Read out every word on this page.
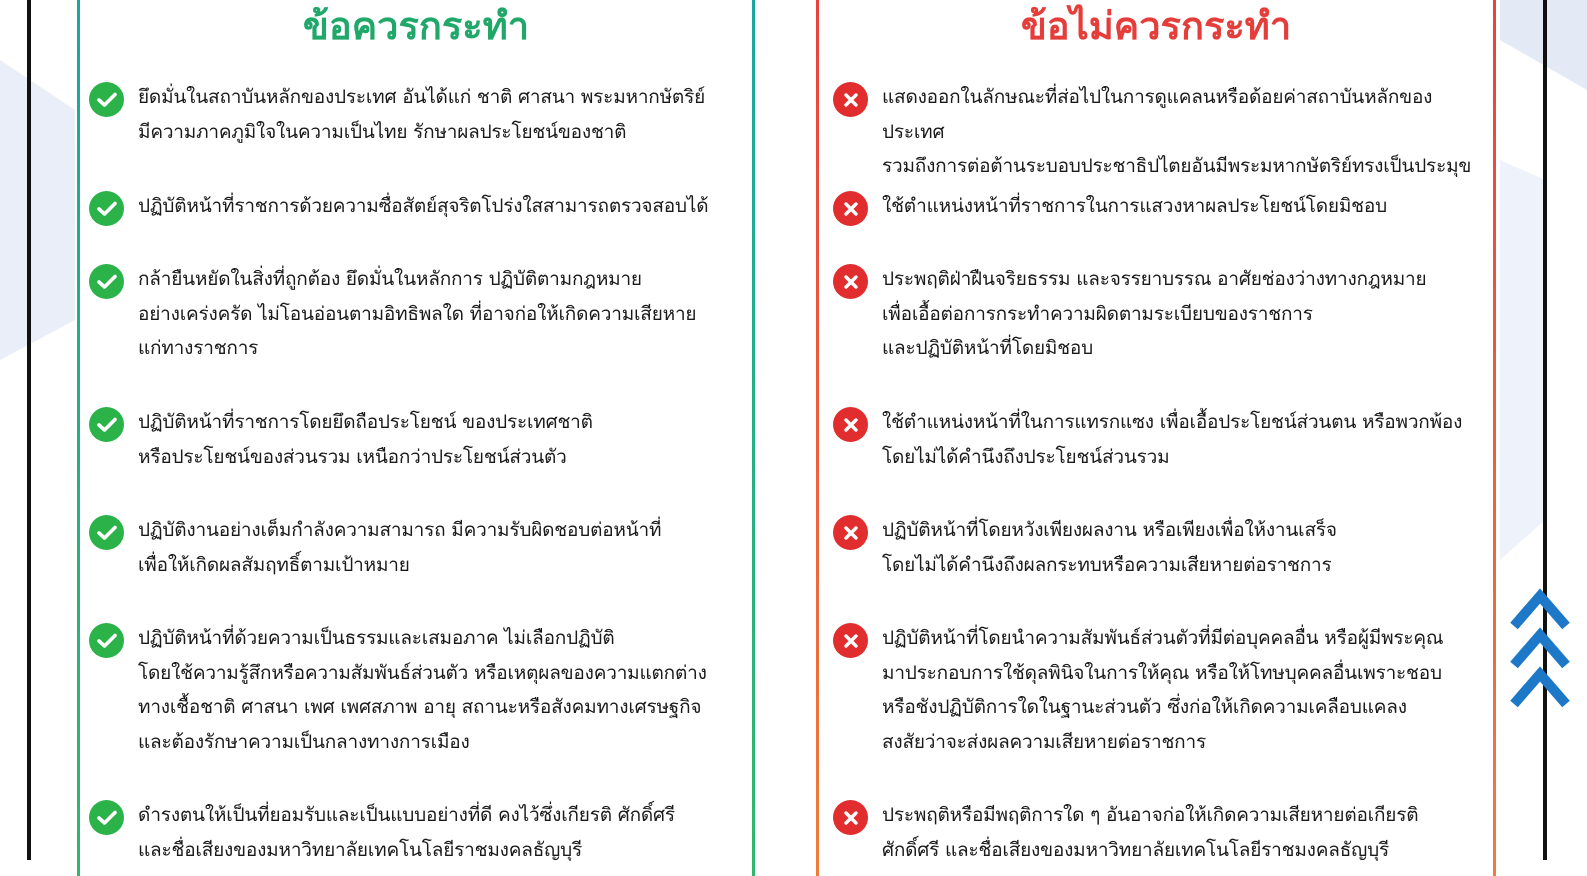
ข้อควรกระทำ
ยึดมั่นในสถาบันหลักของประเทศ อันได้แก่ ชาติ ศาสนา พระมหากษัตริย์
มีความภาคภูมิใจในความเป็นไทย รักษาผลประโยชน์ของชาติ
ปฏิบัติหน้าที่ราชการด้วยความซื่อสัตย์สุจริตโปร่งใสสามารถตรวจสอบได้
กล้ายืนหยัดในสิ่งที่ถูกต้อง ยึดมั่นในหลักการ ปฏิบัติตามกฎหมาย
อย่างเคร่งครัด ไม่โอนอ่อนตามอิทธิพลใด ที่อาจก่อให้เกิดความเสียหาย
แก่ทางราชการ
ปฏิบัติหน้าที่ราชการโดยยึดถือประโยชน์ ของประเทศชาติ
หรือประโยชน์ของส่วนรวม เหนือกว่าประโยชน์ส่วนตัว
ปฏิบัติงานอย่างเต็มกำลังความสามารถ มีความรับผิดชอบต่อหน้าที่
เพื่อให้เกิดผลสัมฤทธิ์ตามเป้าหมาย
ปฏิบัติหน้าที่ด้วยความเป็นธรรมและเสมอภาค ไม่เลือกปฏิบัติ
โดยใช้ความรู้สึกหรือความสัมพันธ์ส่วนตัว หรือเหตุผลของความแตกต่าง
ทางเชื้อชาติ ศาสนา เพศ เพศสภาพ อายุ สถานะหรือสังคมทางเศรษฐกิจ
และต้องรักษาความเป็นกลางทางการเมือง
ดำรงตนให้เป็นที่ยอมรับและเป็นแบบอย่างที่ดี คงไว้ซึ่งเกียรติ ศักดิ์ศรี
และชื่อเสียงของมหาวิทยาลัยเทคโนโลยีราชมงคลธัญบุรี
ข้อไม่ควรกระทำ
แสดงออกในลักษณะที่ส่อไปในการดูแคลนหรือด้อยค่าสถาบันหลักของประเทศ
รวมถึงการต่อต้านระบอบประชาธิปไตยอันมีพระมหากษัตริย์ทรงเป็นประมุข
ใช้ตำแหน่งหน้าที่ราชการในการแสวงหาผลประโยชน์โดยมิชอบ
ประพฤติฝ่าฝืนจริยธรรม และจรรยาบรรณ อาศัยช่องว่างทางกฎหมาย
เพื่อเอื้อต่อการกระทำความผิดตามระเบียบของราชการ
และปฏิบัติหน้าที่โดยมิชอบ
ใช้ตำแหน่งหน้าที่ในการแทรกแซง เพื่อเอื้อประโยชน์ส่วนตน หรือพวกพ้อง
โดยไม่ได้คำนึงถึงประโยชน์ส่วนรวม
ปฏิบัติหน้าที่โดยหวังเพียงผลงาน หรือเพียงเพื่อให้งานเสร็จ
โดยไม่ได้คำนึงถึงผลกระทบหรือความเสียหายต่อราชการ
ปฏิบัติหน้าที่โดยนำความสัมพันธ์ส่วนตัวที่มีต่อบุคคลอื่น หรือผู้มีพระคุณ
มาประกอบการใช้ดุลพินิจในการให้คุณ หรือให้โทษบุคคลอื่นเพราะชอบ
หรือชังปฏิบัติการใดในฐานะส่วนตัว ซึ่งก่อให้เกิดความเคลือบแคลง
สงสัยว่าจะส่งผลความเสียหายต่อราชการ
ประพฤติหรือมีพฤติการใด ๆ อันอาจก่อให้เกิดความเสียหายต่อเกียรติ
ศักดิ์ศรี และชื่อเสียงของมหาวิทยาลัยเทคโนโลยีราชมงคลธัญบุรี
